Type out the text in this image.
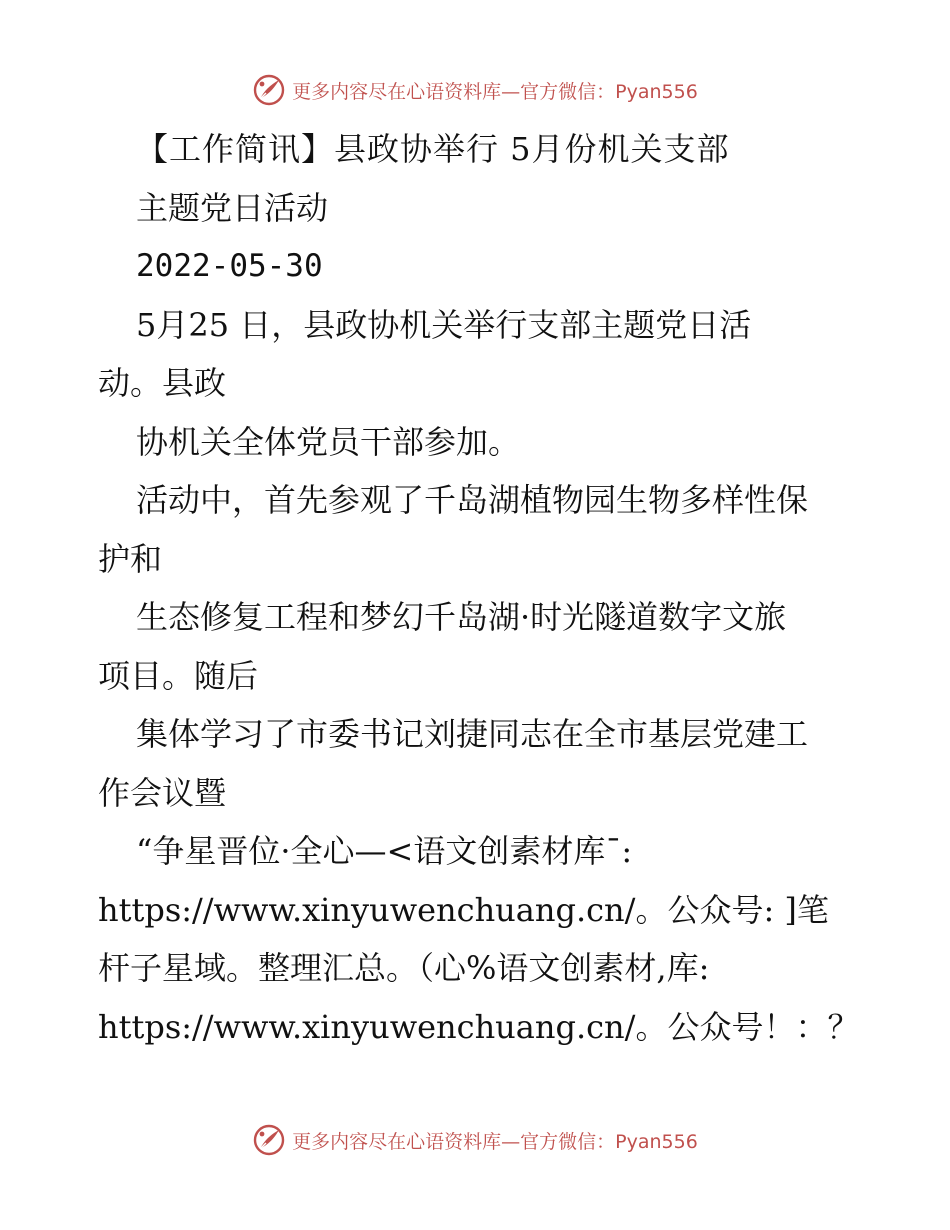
更多内容尽在心语资料库—官方微信：Pyan556
【工作简讯】县政协举行 5月份机关支部
主题党日活动
2022-05-30
5月25 日，县政协机关举行支部主题党日活
动。县政
协机关全体党员干部参加。
活动中，首先参观了千岛湖植物园生物多样性保
护和
生态修复工程和梦幻千岛湖·时光隧道数字文旅
项目。随后
集体学习了市委书记刘捷同志在全市基层党建工
作会议暨
“争星晋位·全心—<语文创素材库¯:
https://www.xinyuwenchuang.cn/。公众号: ]笔
杆子星域。整理汇总。（心%语文创素材,库:
https://www.xinyuwenchuang.cn/。公众号！：？
更多内容尽在心语资料库—官方微信：Pyan556
